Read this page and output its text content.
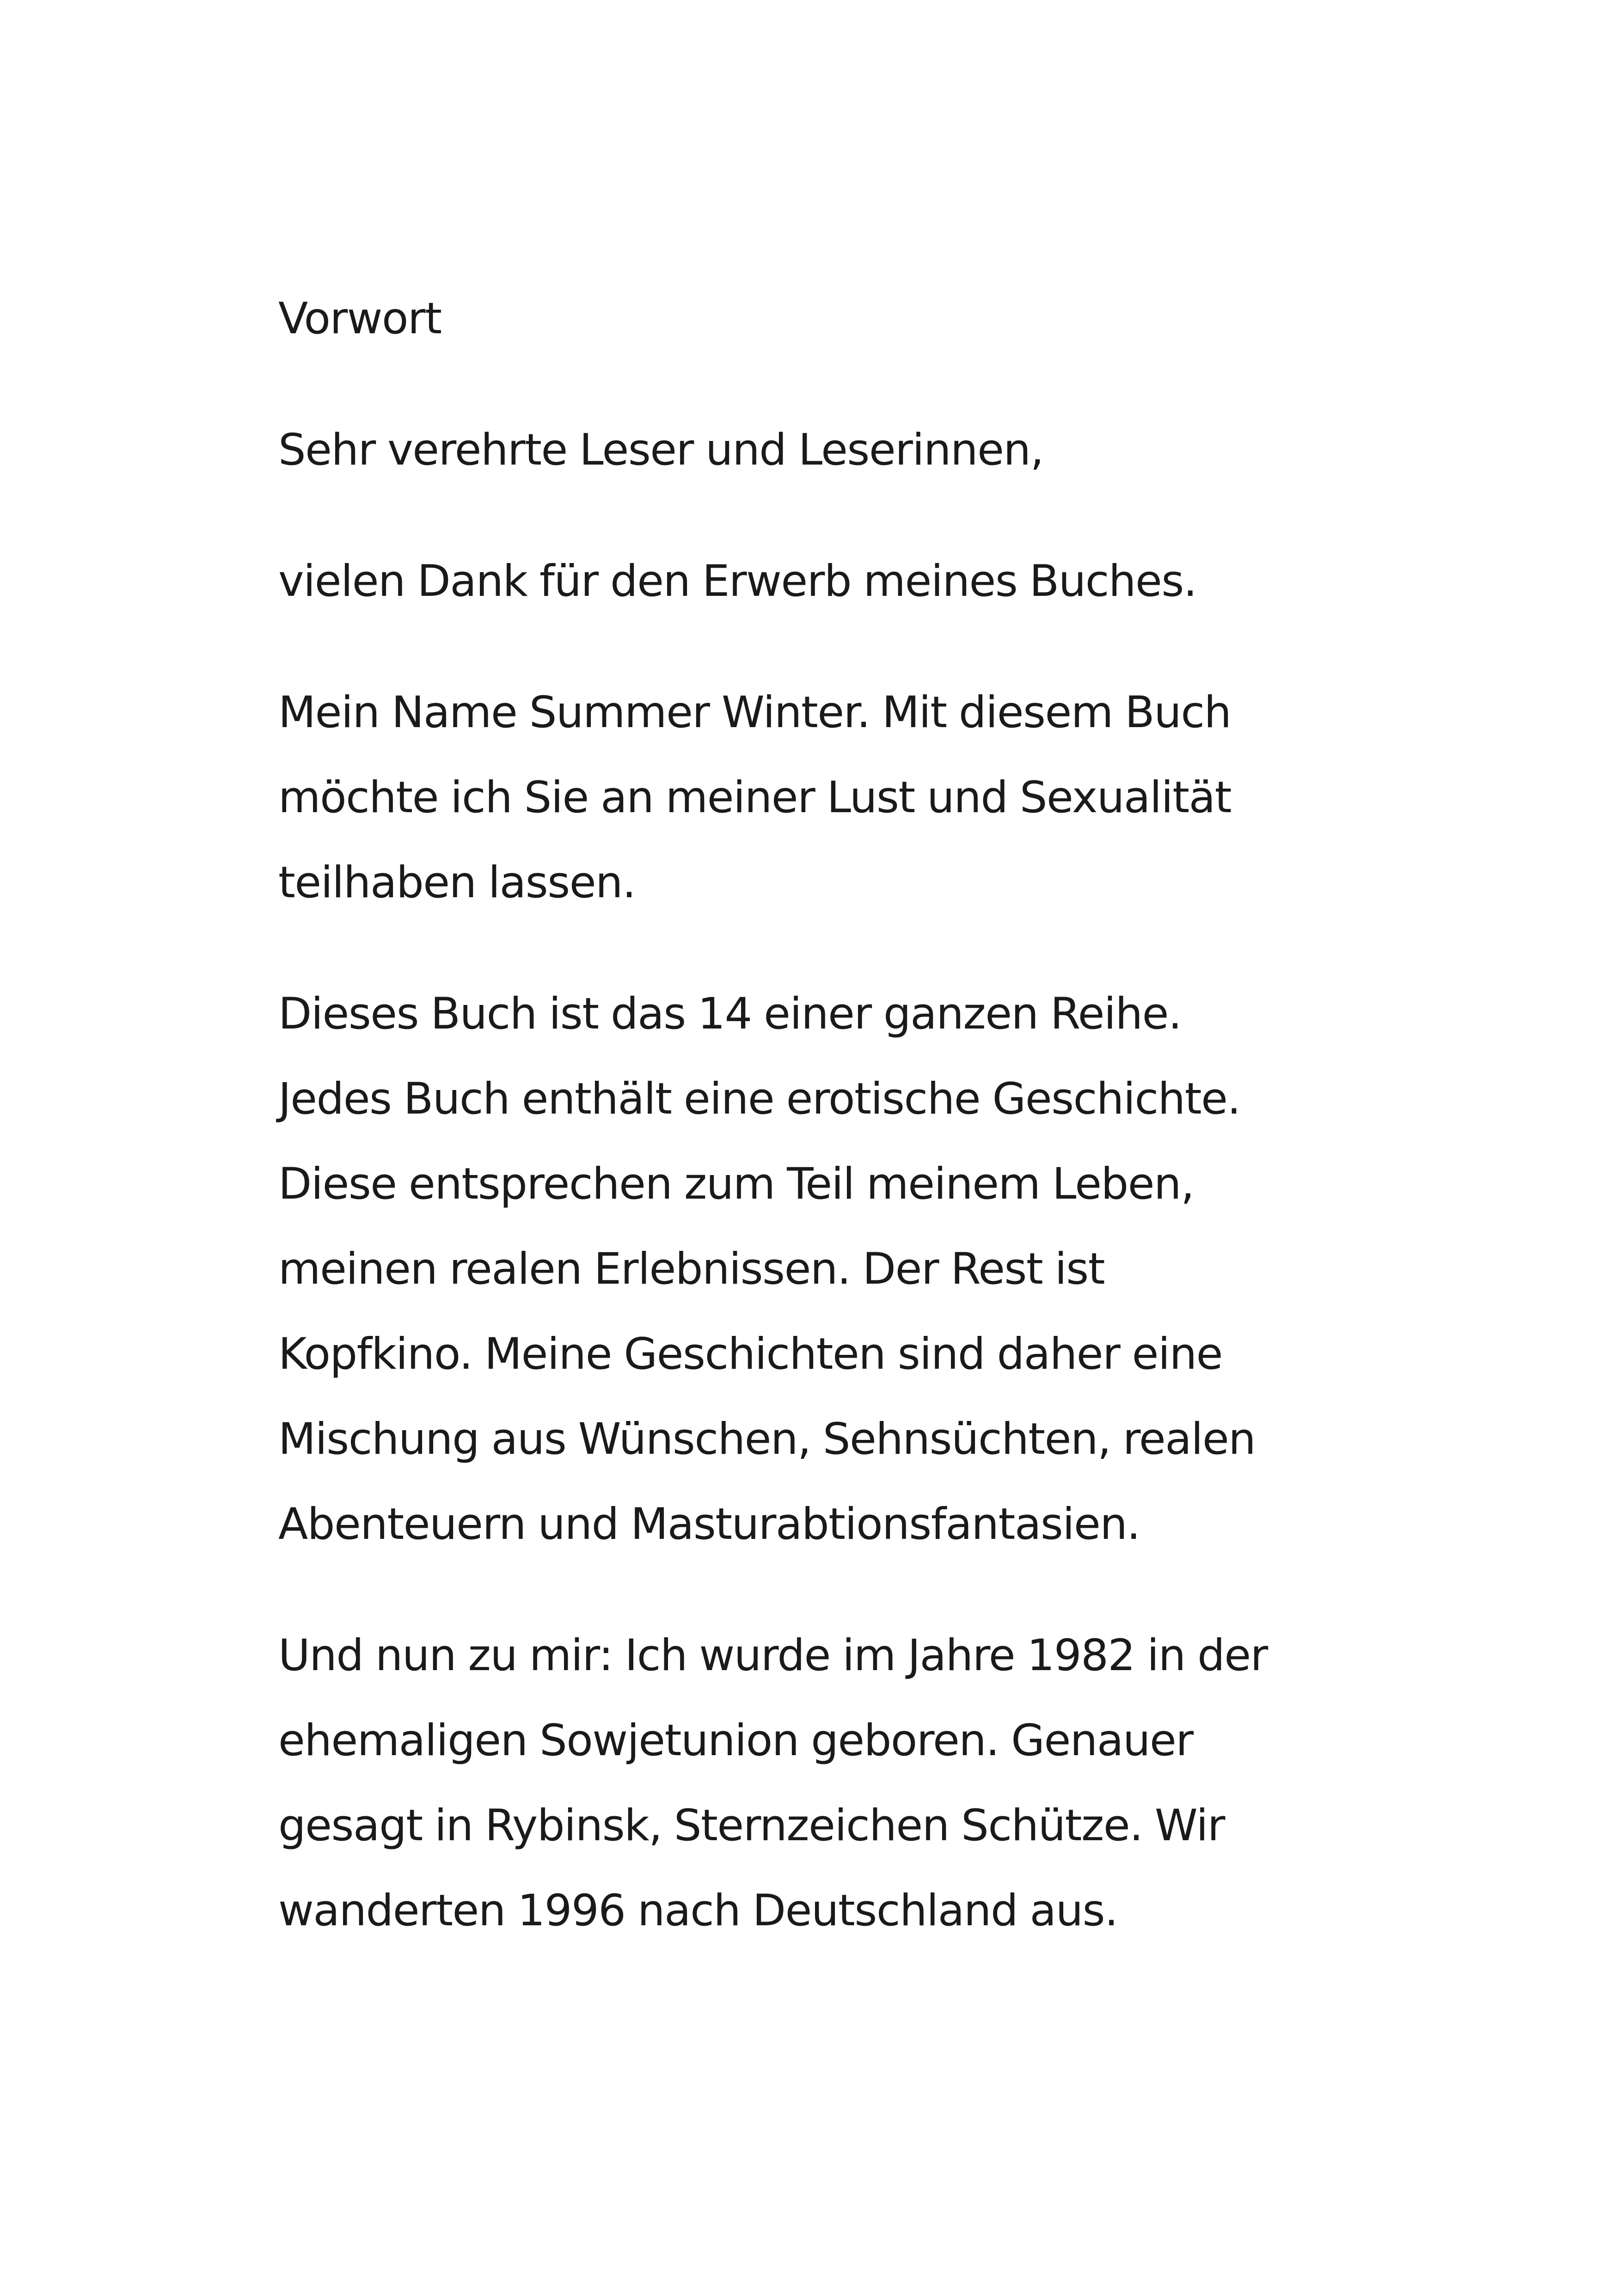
Vorwort

Sehr verehrte Leser und Leserinnen,

vielen Dank für den Erwerb meines Buches.

Mein Name Summer Winter. Mit diesem Buch
möchte ich Sie an meiner Lust und Sexualität
teilhaben lassen.

Dieses Buch ist das 14 einer ganzen Reihe.
Jedes Buch enthält eine erotische Geschichte.
Diese entsprechen zum Teil meinem Leben,
meinen realen Erlebnissen. Der Rest ist
Kopfkino. Meine Geschichten sind daher eine
Mischung aus Wünschen, Sehnsüchten, realen
Abenteuern und Masturabtionsfantasien.

Und nun zu mir: Ich wurde im Jahre 1982 in der
ehemaligen Sowjetunion geboren. Genauer
gesagt in Rybinsk, Sternzeichen Schütze. Wir
wanderten 1996 nach Deutschland aus.
